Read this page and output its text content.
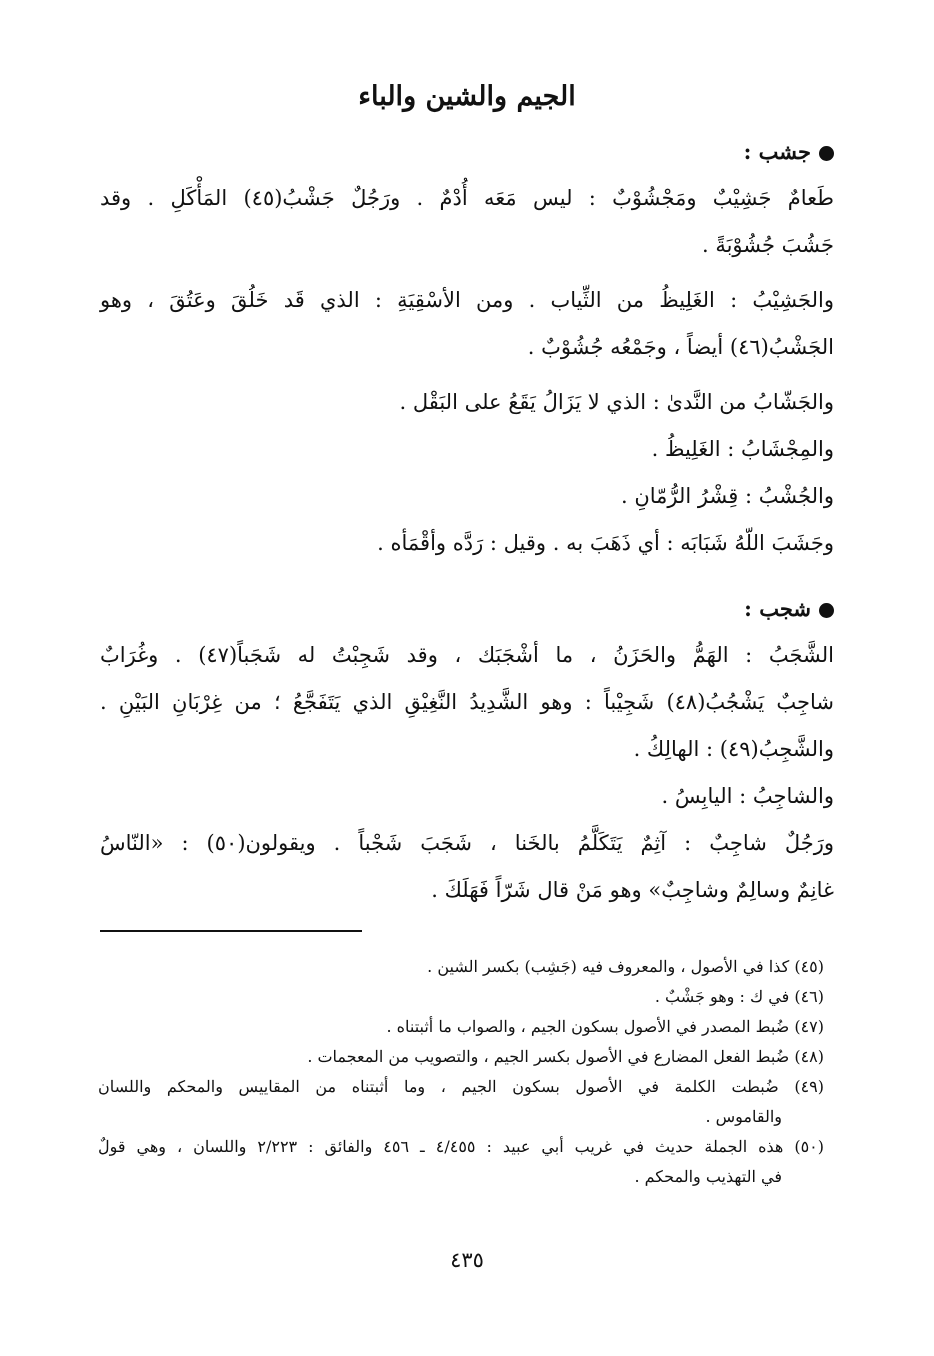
الجيم والشين والباء
جشب :
طَعامٌ جَشِيْبٌ ومَجْشُوْبٌ : ليس مَعَه أُدْمٌ . ورَجُلٌ جَشْبُ(٤٥) المَأْكَلِ . وقد
جَشُبَ جُشُوْبَةً .
والجَشِيْبُ : الغَلِيظُ من الثِّياب . ومن الأسْقِيَةِ : الذي قَد خَلُقَ وعَتُقَ ، وهو
الجَشْبُ(٤٦) أيضاً ، وجَمْعُه جُشُوْبٌ .
والجَشّابُ من النَّدىٰ : الذي لا يَزَالُ يَقَعُ على البَقْل .
والمِجْشَابُ : الغَلِيظُ .
والجُشْبُ : قِشْرُ الرُّمّانِ .
وجَشَبَ اللّهُ شَبَابَه : أي ذَهَبَ به . وقيل : رَدَّه وأقْمَأه .
شجب :
الشَّجَبُ : الهَمُّ والحَزَنُ ، ما أشْجَبَك ، وقد شَجِبْتُ له شَجَباً(٤٧) . وغُرَابٌ
شاجِبٌ يَشْجُبُ(٤٨) شَجِيْباً : وهو الشَّدِيدُ النَّغِيْقِ الذي يَتَفَجَّعُ ؛ من غِرْبَانِ البَيْنِ .
والشَّجِبُ(٤٩) : الهالِكُ .
والشاجِبُ : اليابِسُ .
ورَجُلٌ شاجِبٌ : آثِمٌ يَتَكَلَّمُ بالخَنا ، شَجَبَ شَجْباً . ويقولون(٥٠) : «النّاسُ
غانِمٌ وسالِمٌ وشاجِبٌ» وهو مَنْ قال شَرّاً فَهَلَكَ .
(٤٥) كذا في الأصول ، والمعروف فيه (جَشِب) بكسر الشين .
(٤٦) في ك : وهو جَشْبٌ .
(٤٧) ضُبط المصدر في الأصول بسكون الجيم ، والصواب ما أثبتناه .
(٤٨) ضُبط الفعل المضارع في الأصول بكسر الجيم ، والتصويب من المعجمات .
(٤٩) ضُبطت الكلمة في الأصول بسكون الجيم ، وما أثبتناه من المقاييس والمحكم واللسان
والقاموس .
(٥٠) هذه الجملة حديث في غريب أبي عبيد : ٤/٤٥٥ ـ ٤٥٦ والفائق : ٢/٢٢٣ واللسان ، وهي قولٌ
في التهذيب والمحكم .
٤٣٥
